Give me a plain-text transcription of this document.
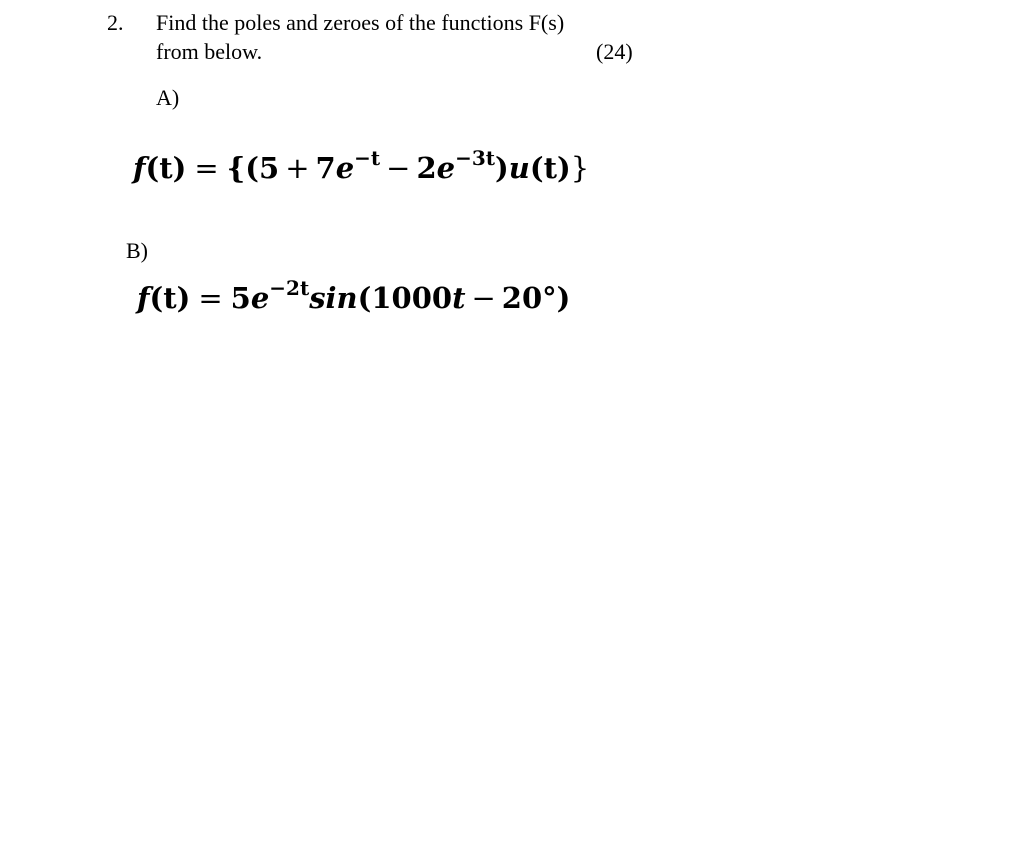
2. Find the poles and zeroes of the functions F(s)
from below.	(24)
A)
$f(t) = \{(5 + 7e^{-t} - 2e^{-3t})u(t)\}$
B)
$f(t) = 5e^{-2t}\sin(1000t - 20^\circ)$
